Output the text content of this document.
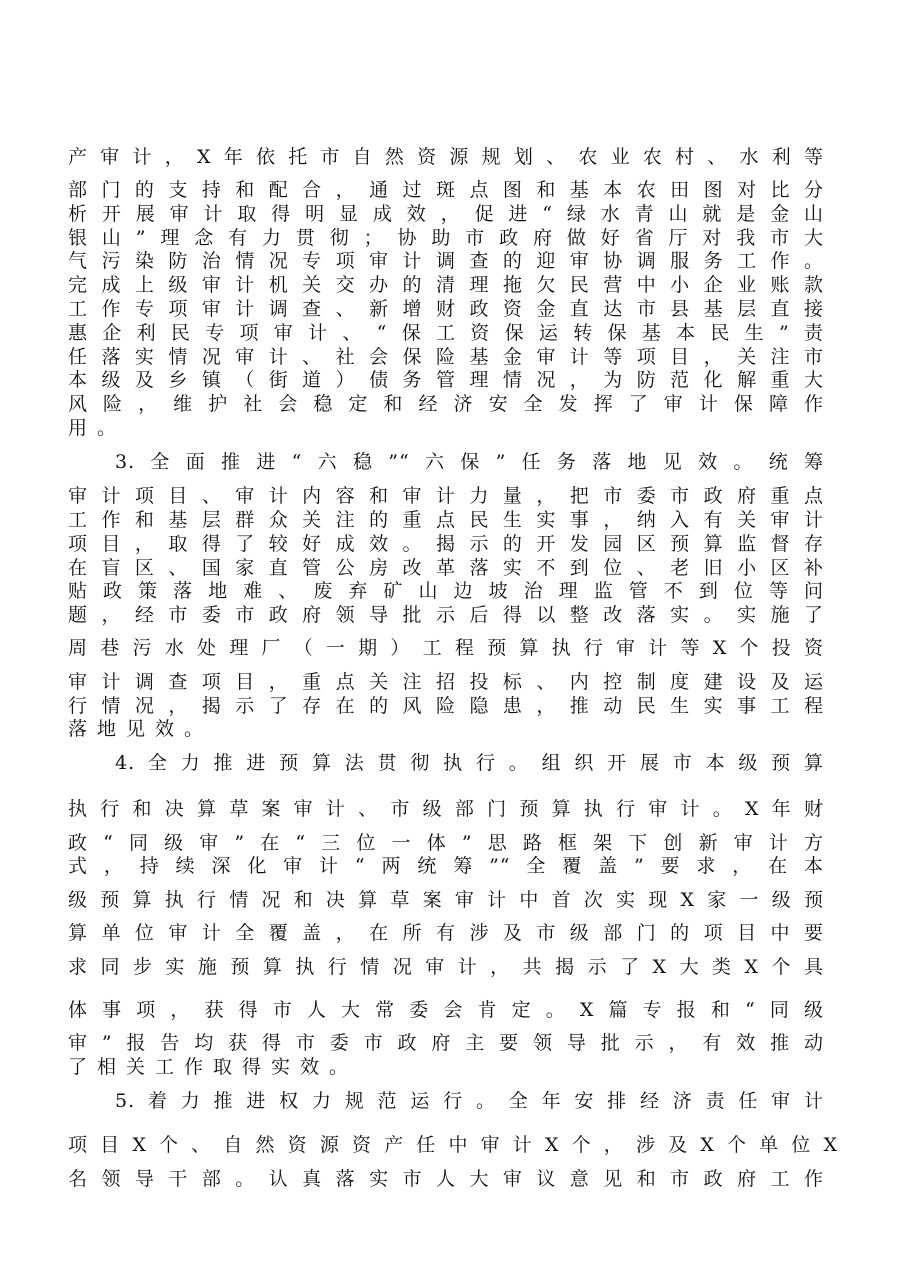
产审计，X年依托市自然资源规划、农业农村、水利等
部门的支持和配合，通过斑点图和基本农田图对比分
析开展审计取得明显成效，促进“绿水青山就是金山
银山”理念有力贯彻；协助市政府做好省厅对我市大
气污染防治情况专项审计调查的迎审协调服务工作。
完成上级审计机关交办的清理拖欠民营中小企业账款
工作专项审计调查、新增财政资金直达市县基层直接
惠企利民专项审计、“保工资保运转保基本民生”责
任落实情况审计、社会保险基金审计等项目，关注市
本级及乡镇（街道）债务管理情况，为防范化解重大
风险，维护社会稳定和经济安全发挥了审计保障作
用。
3.全面推进“六稳”“六保”任务落地见效。统筹
审计项目、审计内容和审计力量，把市委市政府重点
工作和基层群众关注的重点民生实事，纳入有关审计
项目，取得了较好成效。揭示的开发园区预算监督存
在盲区、国家直管公房改革落实不到位、老旧小区补
贴政策落地难、废弃矿山边坡治理监管不到位等问
题，经市委市政府领导批示后得以整改落实。实施了
周巷污水处理厂（一期）工程预算执行审计等X个投资
审计调查项目，重点关注招投标、内控制度建设及运
行情况，揭示了存在的风险隐患，推动民生实事工程
落地见效。
4.全力推进预算法贯彻执行。组织开展市本级预算
执行和决算草案审计、市级部门预算执行审计。X年财
政“同级审”在“三位一体”思路框架下创新审计方
式，持续深化审计“两统筹”“全覆盖”要求，在本
级预算执行情况和决算草案审计中首次实现X家一级预
算单位审计全覆盖，在所有涉及市级部门的项目中要
求同步实施预算执行情况审计，共揭示了X大类X个具
体事项，获得市人大常委会肯定。X篇专报和“同级
审”报告均获得市委市政府主要领导批示，有效推动
了相关工作取得实效。
5.着力推进权力规范运行。全年安排经济责任审计
项目X个、自然资源资产任中审计X个，涉及X个单位X
名领导干部。认真落实市人大审议意见和市政府工作
